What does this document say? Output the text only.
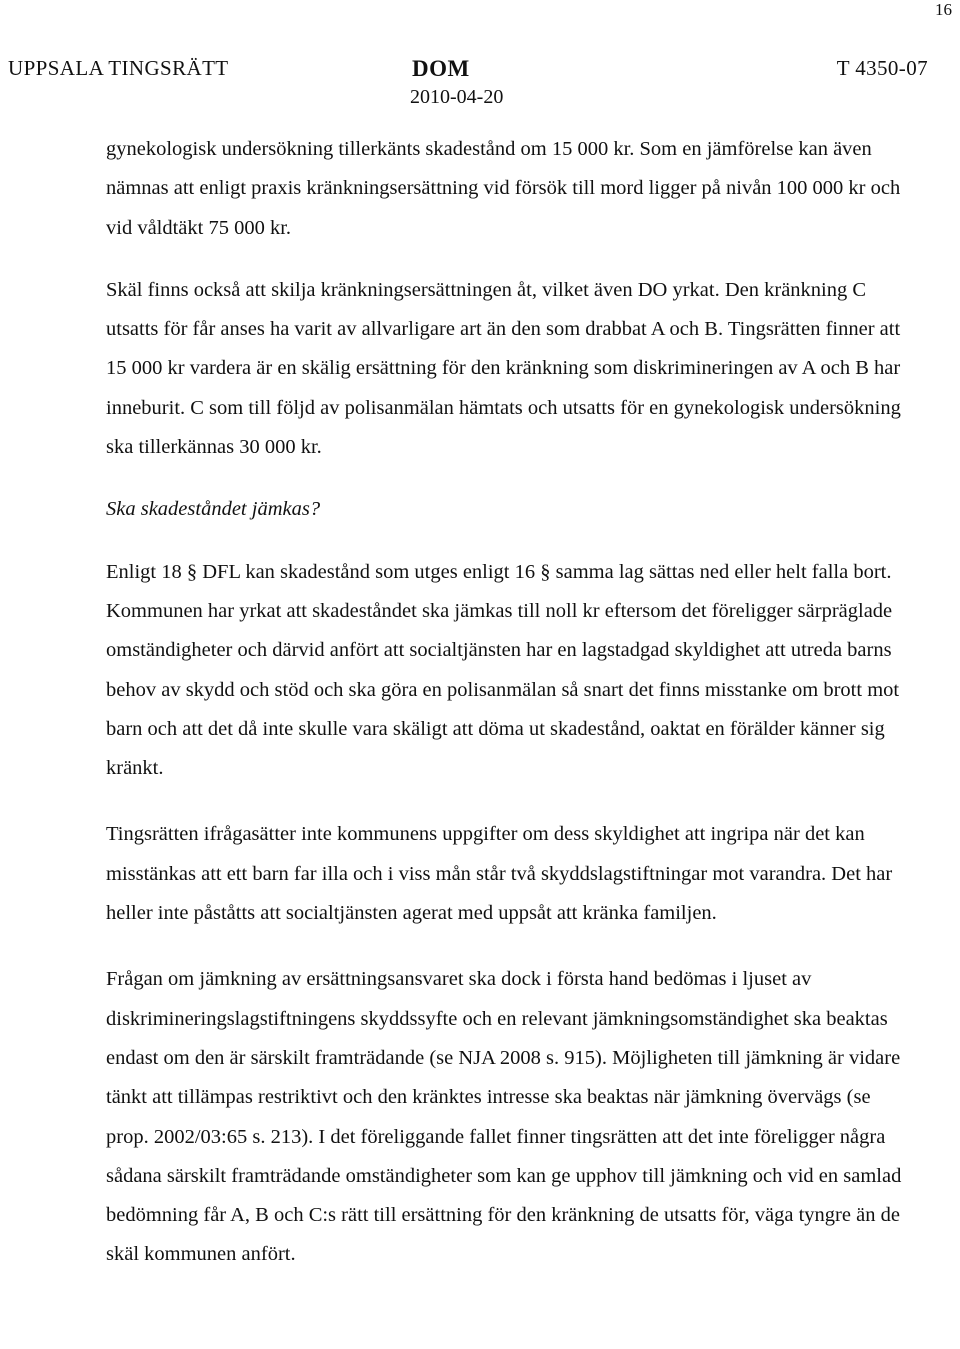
16
UPPSALA TINGSRÄTT	DOM	T 4350-07
2010-04-20

gynekologisk undersökning tillerkänts skadestånd om 15 000 kr. Som en jämförelse kan även nämnas att enligt praxis kränkningsersättning vid försök till mord ligger på nivån 100 000 kr och vid våldtäkt 75 000 kr.

Skäl finns också att skilja kränkningsersättningen åt, vilket även DO yrkat. Den kränkning C utsatts för får anses ha varit av allvarligare art än den som drabbat A och B. Tingsrätten finner att 15 000 kr vardera är en skälig ersättning för den kränkning som diskrimineringen av A och B har inneburit. C som till följd av polisanmälan hämtats och utsatts för en gynekologisk undersökning ska tillerkännas 30 000 kr.

Ska skadeståndet jämkas?

Enligt 18 § DFL kan skadestånd som utges enligt 16 § samma lag sättas ned eller helt falla bort. Kommunen har yrkat att skadeståndet ska jämkas till noll kr eftersom det föreligger särpräglade omständigheter och därvid anfört att socialtjänsten har en lagstadgad skyldighet att utreda barns behov av skydd och stöd och ska göra en polisanmälan så snart det finns misstanke om brott mot barn och att det då inte skulle vara skäligt att döma ut skadestånd, oaktat en förälder känner sig kränkt.

Tingsrätten ifrågasätter inte kommunens uppgifter om dess skyldighet att ingripa när det kan misstänkas att ett barn far illa och i viss mån står två skyddslagstiftningar mot varandra. Det har heller inte påståtts att socialtjänsten agerat med uppsåt att kränka familjen.

Frågan om jämkning av ersättningsansvaret ska dock i första hand bedömas i ljuset av diskrimineringslagstiftningens skyddssyfte och en relevant jämkningsomständighet ska beaktas endast om den är särskilt framträdande (se NJA 2008 s. 915). Möjligheten till jämkning är vidare tänkt att tillämpas restriktivt och den kränktes intresse ska beaktas när jämkning övervägs (se prop. 2002/03:65 s. 213). I det föreliggande fallet finner tingsrätten att det inte föreligger några sådana särskilt framträdande omständigheter som kan ge upphov till jämkning och vid en samlad bedömning får A, B och C:s rätt till ersättning för den kränkning de utsatts för, väga tyngre än de skäl kommunen anfört.
